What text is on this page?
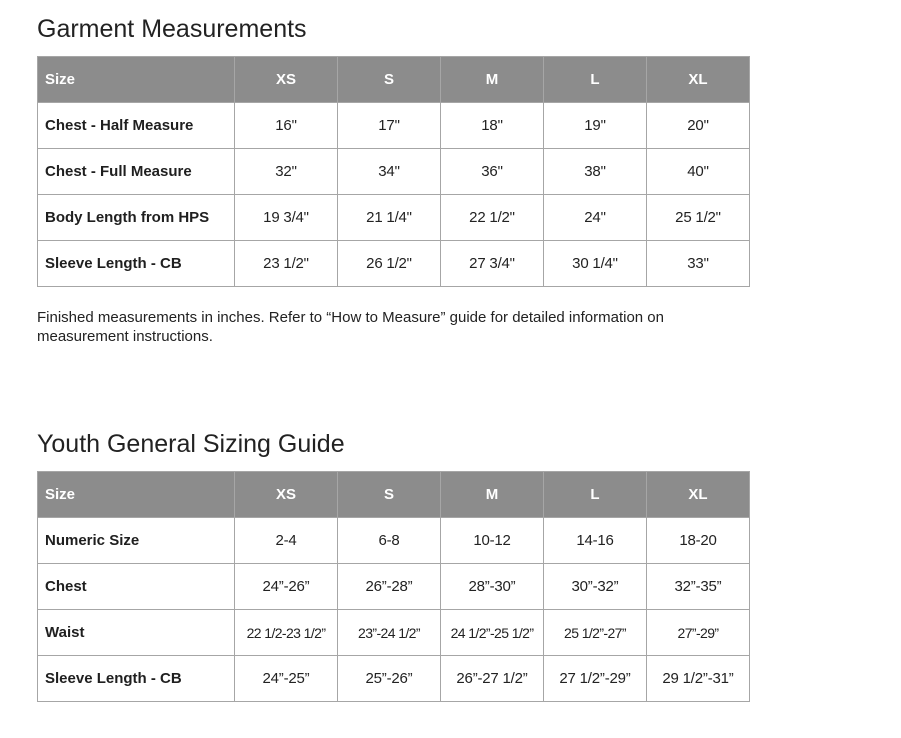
Garment Measurements
Size	XS	S	M	L	XL
Chest - Half Measure	16"	17"	18"	19"	20"
Chest - Full Measure	32"	34"	36"	38"	40"
Body Length from HPS	19 3/4"	21 1/4"	22 1/2"	24"	25 1/2"
Sleeve Length - CB	23 1/2"	26 1/2"	27 3/4"	30 1/4"	33"

Finished measurements in inches. Refer to “How to Measure” guide for detailed information on measurement instructions.

Youth General Sizing Guide
Size	XS	S	M	L	XL
Numeric Size	2-4	6-8	10-12	14-16	18-20
Chest	24”-26”	26”-28”	28”-30”	30”-32”	32”-35”
Waist	22 1/2-23 1/2”	23”-24 1/2”	24 1/2”-25 1/2”	25 1/2”-27”	27”-29”
Sleeve Length - CB	24”-25”	25”-26”	26”-27 1/2”	27 1/2”-29”	29 1/2”-31”
